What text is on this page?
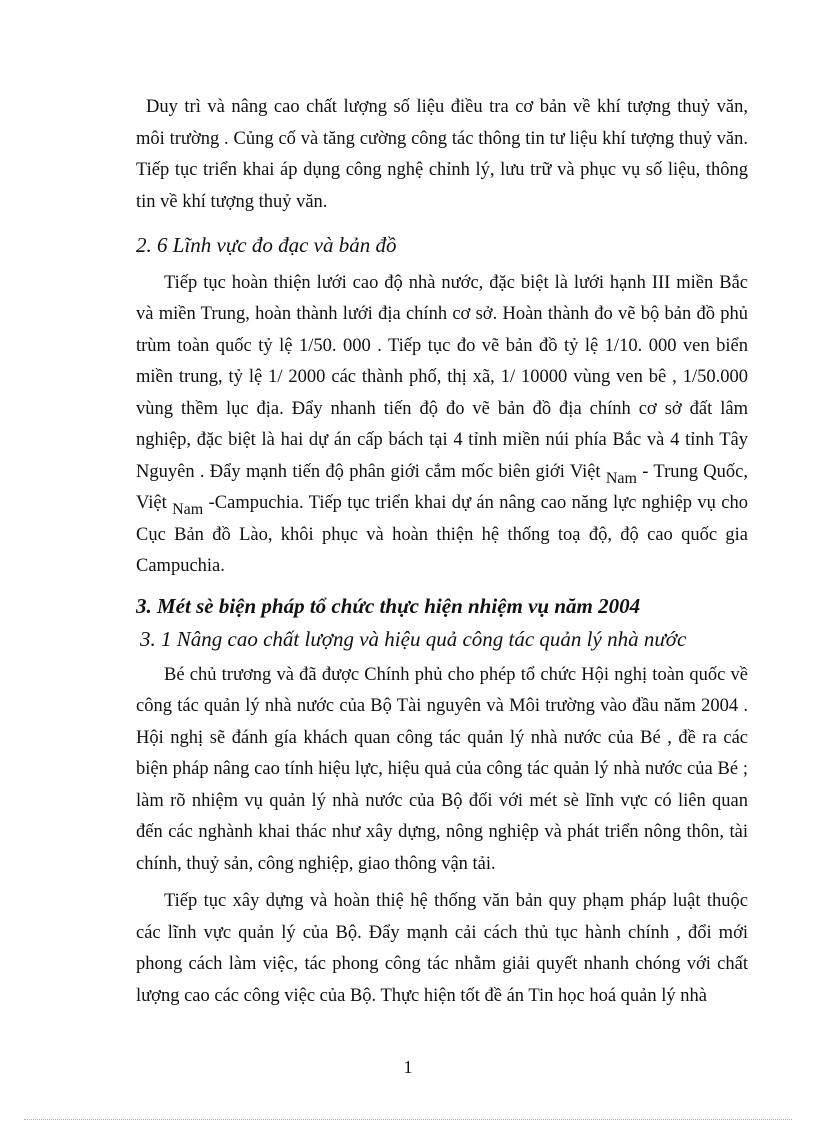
Duy trì và nâng cao chất lượng số liệu điều tra cơ bản về khí tượng thuỷ văn, môi trường . Củng cố và tăng cường công tác thông tin tư liệu khí tượng thuỷ văn. Tiếp tục triển khai áp dụng công nghệ chỉnh lý, lưu trữ và phục vụ số liệu, thông tin về khí tượng thuỷ văn.

2. 6 Lĩnh vực đo đạc và bản đồ

Tiếp tục hoàn thiện lưới cao độ nhà nước, đặc biệt là lưới hạnh III miền Bắc và miền Trung, hoàn thành lưới địa chính cơ sở. Hoàn thành đo vẽ bộ bản đồ phủ trùm toàn quốc tỷ lệ 1/50. 000 . Tiếp tục đo vẽ bản đồ tỷ lệ 1/10. 000 ven biển miền trung, tỷ lệ 1/ 2000 các thành phố, thị xã, 1/ 10000 vùng ven bê , 1/50.000 vùng thềm lục địa. Đẩy nhanh tiến độ đo vẽ bản đồ địa chính cơ sở đất lâm nghiệp, đặc biệt là hai dự án cấp bách tại 4 tỉnh miền núi phía Bắc và 4 tỉnh Tây Nguyên . Đẩy mạnh tiến độ phân giới cắm mốc biên giới Việt Nam - Trung Quốc, Việt Nam -Campuchia. Tiếp tục triển khai dự án nâng cao năng lực nghiệp vụ cho Cục Bản đồ Lào, khôi phục và hoàn thiện hệ thống toạ độ, độ cao quốc gia Campuchia.

3. Mét sè biện pháp tổ chức thực hiện nhiệm vụ năm 2004

3. 1 Nâng cao chất lượng và hiệu quả công tác quản lý nhà nước

Bé chủ trương và đã được Chính phủ cho phép tổ chức Hội nghị toàn quốc về công tác quản lý nhà nước của Bộ Tài nguyên và Môi trường vào đầu năm 2004 . Hội nghị sẽ đánh gía khách quan công tác quản lý nhà nước của Bé , đề ra các biện pháp nâng cao tính hiệu lực, hiệu quả của công tác quản lý nhà nước của Bé ; làm rõ nhiệm vụ quản lý nhà nước của Bộ đối với mét sè lĩnh vực có liên quan đến các nghành khai thác như xây dựng, nông nghiệp và phát triển nông thôn, tài chính, thuỷ sản, công nghiệp, giao thông vận tải.

Tiếp tục xây dựng và hoàn thiệ hệ thống văn bản quy phạm pháp luật thuộc các lĩnh vực quản lý của Bộ. Đẩy mạnh cải cách thủ tục hành chính , đổi mới phong cách làm việc, tác phong công tác nhằm giải quyết nhanh chóng với chất lượng cao các công việc của Bộ. Thực hiện tốt đề án Tin học hoá quản lý nhà

1
